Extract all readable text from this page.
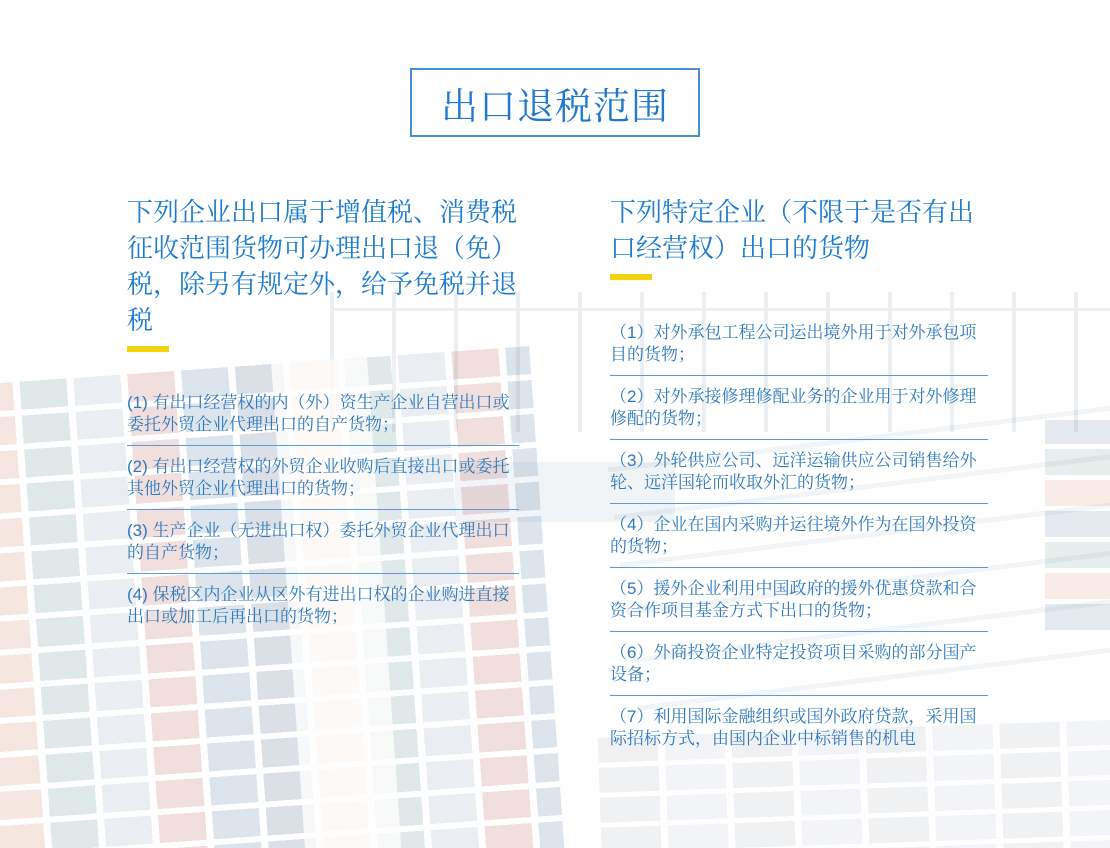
出口退税范围

下列企业出口属于增值税、消费税征收范围货物可办理出口退（免）税，除另有规定外，给予免税并退税

(1) 有出口经营权的内（外）资生产企业自营出口或委托外贸企业代理出口的自产货物；
(2) 有出口经营权的外贸企业收购后直接出口或委托其他外贸企业代理出口的货物；
(3) 生产企业（无进出口权）委托外贸企业代理出口的自产货物；
(4) 保税区内企业从区外有进出口权的企业购进直接出口或加工后再出口的货物；

下列特定企业（不限于是否有出口经营权）出口的货物

（1）对外承包工程公司运出境外用于对外承包项目的货物；
（2）对外承接修理修配业务的企业用于对外修理修配的货物；
（3）外轮供应公司、远洋运输供应公司销售给外轮、远洋国轮而收取外汇的货物；
（4）企业在国内采购并运往境外作为在国外投资的货物；
（5）援外企业利用中国政府的援外优惠贷款和合资合作项目基金方式下出口的货物；
（6）外商投资企业特定投资项目采购的部分国产设备；
（7）利用国际金融组织或国外政府贷款，采用国际招标方式，由国内企业中标销售的机电
